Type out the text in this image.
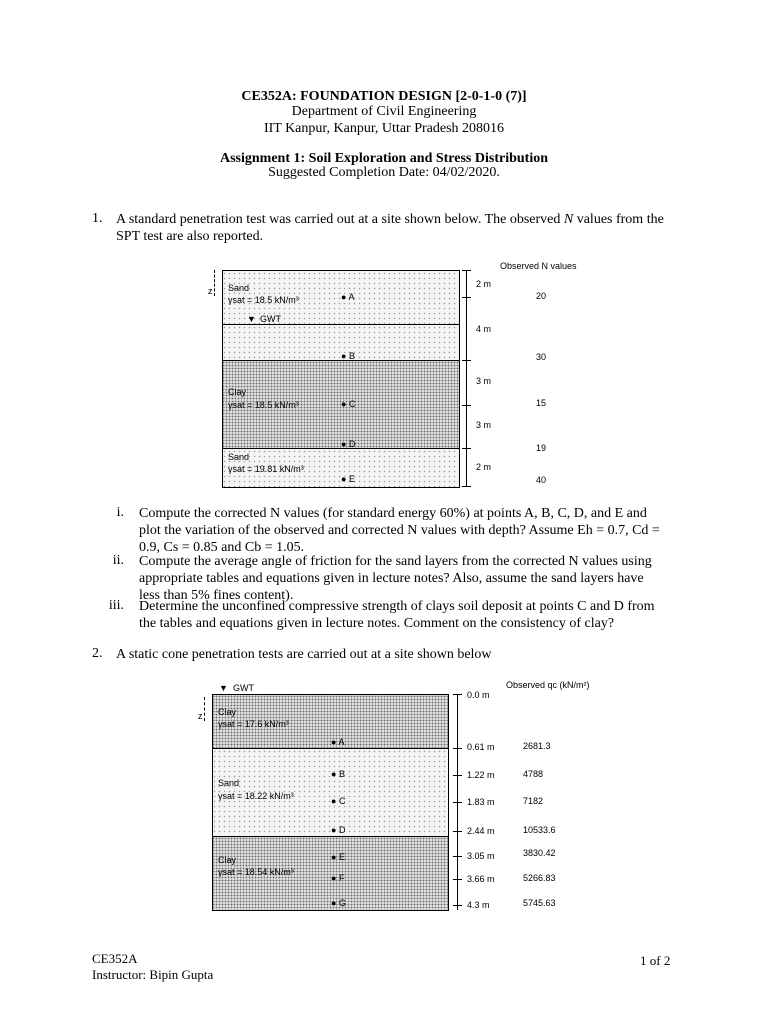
CE352A: FOUNDATION DESIGN [2-0-1-0 (7)]
Department of Civil Engineering
IIT Kanpur, Kanpur, Uttar Pradesh 208016
Assignment 1: Soil Exploration and Stress Distribution
Suggested Completion Date: 04/02/2020.
1. A standard penetration test was carried out at a site shown below. The observed N values from the
SPT test are also reported.
Observed N values
z Sand
γsat = 18.5 kN/m³
▼ GWT
Clay
γsat = 18.5 kN/m³
Sand
γsat = 19.81 kN/m³
● A
● B
● C
● D
● E
2 m
4 m
3 m
3 m
2 m
20
30
15
19
40
i. Compute the corrected N values (for standard energy 60%) at points A, B, C, D, and E and
plot the variation of the observed and corrected N values with depth? Assume Eh = 0.7, Cd =
0.9, Cs = 0.85 and Cb = 1.05.
ii. Compute the average angle of friction for the sand layers from the corrected N values using
appropriate tables and equations given in lecture notes? Also, assume the sand layers have
less than 5% fines content).
iii. Determine the unconfined compressive strength of clays soil deposit at points C and D from
the tables and equations given in lecture notes. Comment on the consistency of clay?
2. A static cone penetration tests are carried out at a site shown below
Observed qc (kN/m²)
z
▼ GWT
Clay
γsat = 17.6 kN/m³
Sand
γsat = 18.22 kN/m³
Clay
γsat = 18.54 kN/m³
● A
● B
● C
● D
● E
● F
● G
0.0 m
0.61 m
1.22 m
1.83 m
2.44 m
3.05 m
3.66 m
4.3 m
2681.3
4788
7182
10533.6
3830.42
5266.83
5745.63
CE352A
Instructor: Bipin Gupta
1 of 2
